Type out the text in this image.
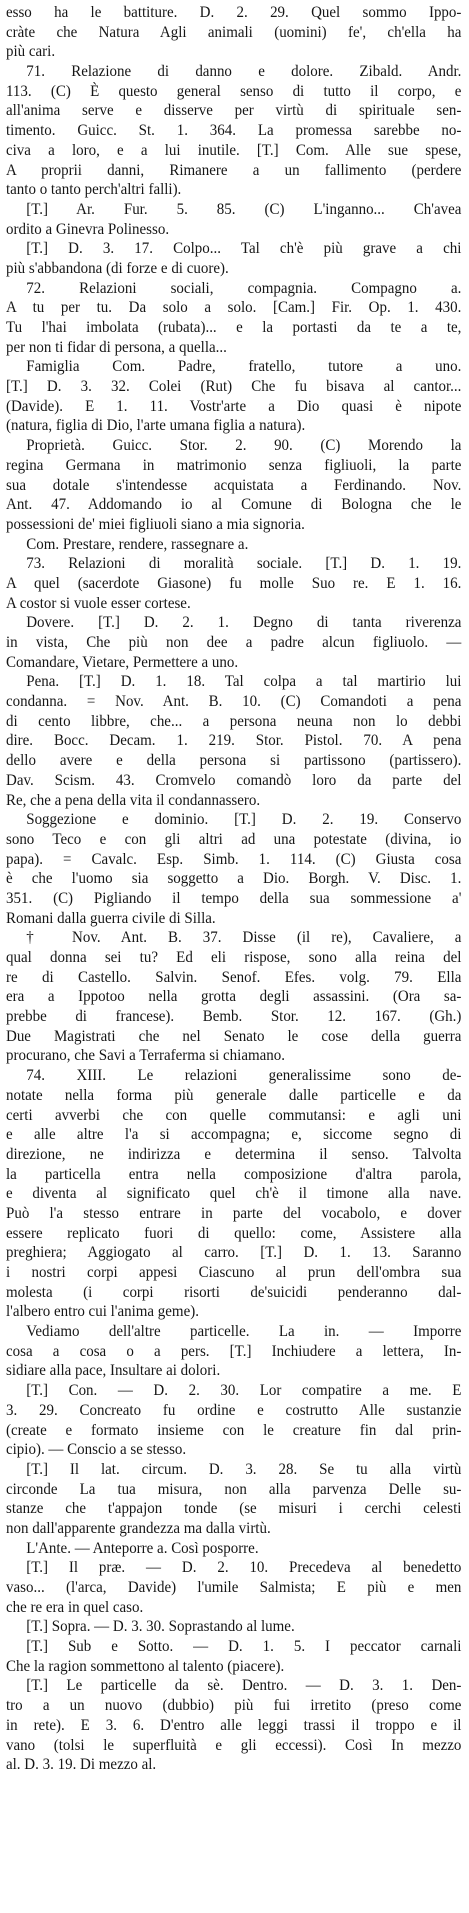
esso ha le battiture. D. 2. 29. Quel sommo Ippo-
cràte che Natura Agli animali (uomini) fe', ch'ella ha
più cari.
71. Relazione di danno e dolore. Zibald. Andr.
113. (C) È questo general senso di tutto il corpo, e
all'anima serve e disserve per virtù di spirituale sen-
timento. Guicc. St. 1. 364. La promessa sarebbe no-
civa a loro, e a lui inutile. [T.] Com. Alle sue spese,
A proprii danni, Rimanere a un fallimento (perdere
tanto o tanto perch'altri falli).
[T.] Ar. Fur. 5. 85. (C) L'inganno... Ch'avea
ordito a Ginevra Polinesso.
[T.] D. 3. 17. Colpo... Tal ch'è più grave a chi
più s'abbandona (di forze e di cuore).
72. Relazioni sociali, compagnia. Compagno a.
A tu per tu. Da solo a solo. [Cam.] Fir. Op. 1. 430.
Tu l'hai imbolata (rubata)... e la portasti da te a te,
per non ti fidar di persona, a quella...
Famiglia Com. Padre, fratello, tutore a uno.
[T.] D. 3. 32. Colei (Rut) Che fu bisava al cantor...
(Davide). E 1. 11. Vostr'arte a Dio quasi è nipote
(natura, figlia di Dio, l'arte umana figlia a natura).
Proprietà. Guicc. Stor. 2. 90. (C) Morendo la
regina Germana in matrimonio senza figliuoli, la parte
sua dotale s'intendesse acquistata a Ferdinando. Nov.
Ant. 47. Addomando io al Comune di Bologna che le
possessioni de' miei figliuoli siano a mia signoria.
Com. Prestare, rendere, rassegnare a.
73. Relazioni di moralità sociale. [T.] D. 1. 19.
A quel (sacerdote Giasone) fu molle Suo re. E 1. 16.
A costor si vuole esser cortese.
Dovere. [T.] D. 2. 1. Degno di tanta riverenza
in vista, Che più non dee a padre alcun figliuolo. —
Comandare, Vietare, Permettere a uno.
Pena. [T.] D. 1. 18. Tal colpa a tal martirio lui
condanna. = Nov. Ant. B. 10. (C) Comandoti a pena
di cento libbre, che... a persona neuna non lo debbi
dire. Bocc. Decam. 1. 219. Stor. Pistol. 70. A pena
dello avere e della persona si partissono (partissero).
Dav. Scism. 43. Cromvelo comandò loro da parte del
Re, che a pena della vita il condannassero.
Soggezione e dominio. [T.] D. 2. 19. Conservo
sono Teco e con gli altri ad una potestate (divina, io
papa). = Cavalc. Esp. Simb. 1. 114. (C) Giusta cosa
è che l'uomo sia soggetto a Dio. Borgh. V. Disc. 1.
351. (C) Pigliando il tempo della sua sommessione a'
Romani dalla guerra civile di Silla.
† Nov. Ant. B. 37. Disse (il re), Cavaliere, a
qual donna sei tu? Ed eli rispose, sono alla reina del
re di Castello. Salvin. Senof. Efes. volg. 79. Ella
era a Ippotoo nella grotta degli assassini. (Ora sa-
prebbe di francese). Bemb. Stor. 12. 167. (Gh.)
Due Magistrati che nel Senato le cose della guerra
procurano, che Savi a Terraferma si chiamano.
74. XIII. Le relazioni generalissime sono de-
notate nella forma più generale dalle particelle e da
certi avverbi che con quelle commutansi: e agli uni
e alle altre l'a si accompagna; e, siccome segno di
direzione, ne indirizza e determina il senso. Talvolta
la particella entra nella composizione d'altra parola,
e diventa al significato quel ch'è il timone alla nave.
Può l'a stesso entrare in parte del vocabolo, e dover
essere replicato fuori di quello: come, Assistere alla
preghiera; Aggiogato al carro. [T.] D. 1. 13. Saranno
i nostri corpi appesi Ciascuno al prun dell'ombra sua
molesta (i corpi risorti de'suicidi penderanno dal-
l'albero entro cui l'anima geme).
Vediamo dell'altre particelle. La in. — Imporre
cosa a cosa o a pers. [T.] Inchiudere a lettera, In-
sidiare alla pace, Insultare ai dolori.
[T.] Con. — D. 2. 30. Lor compatire a me. E
3. 29. Concreato fu ordine e costrutto Alle sustanzie
(create e formato insieme con le creature fin dal prin-
cipio). — Conscio a se stesso.
[T.] Il lat. circum. D. 3. 28. Se tu alla virtù
circonde La tua misura, non alla parvenza Delle su-
stanze che t'appajon tonde (se misuri i cerchi celesti
non dall'apparente grandezza ma dalla virtù.
L'Ante. — Anteporre a. Così posporre.
[T.] Il præ. — D. 2. 10. Precedeva al benedetto
vaso... (l'arca, Davide) l'umile Salmista; E più e men
che re era in quel caso.
[T.] Sopra. — D. 3. 30. Soprastando al lume.
[T.] Sub e Sotto. — D. 1. 5. I peccator carnali
Che la ragion sommettono al talento (piacere).
[T.] Le particelle da sè. Dentro. — D. 3. 1. Den-
tro a un nuovo (dubbio) più fui irretito (preso come
in rete). E 3. 6. D'entro alle leggi trassi il troppo e il
vano (tolsi le superfluità e gli eccessi). Così In mezzo
al. D. 3. 19. Di mezzo al.
